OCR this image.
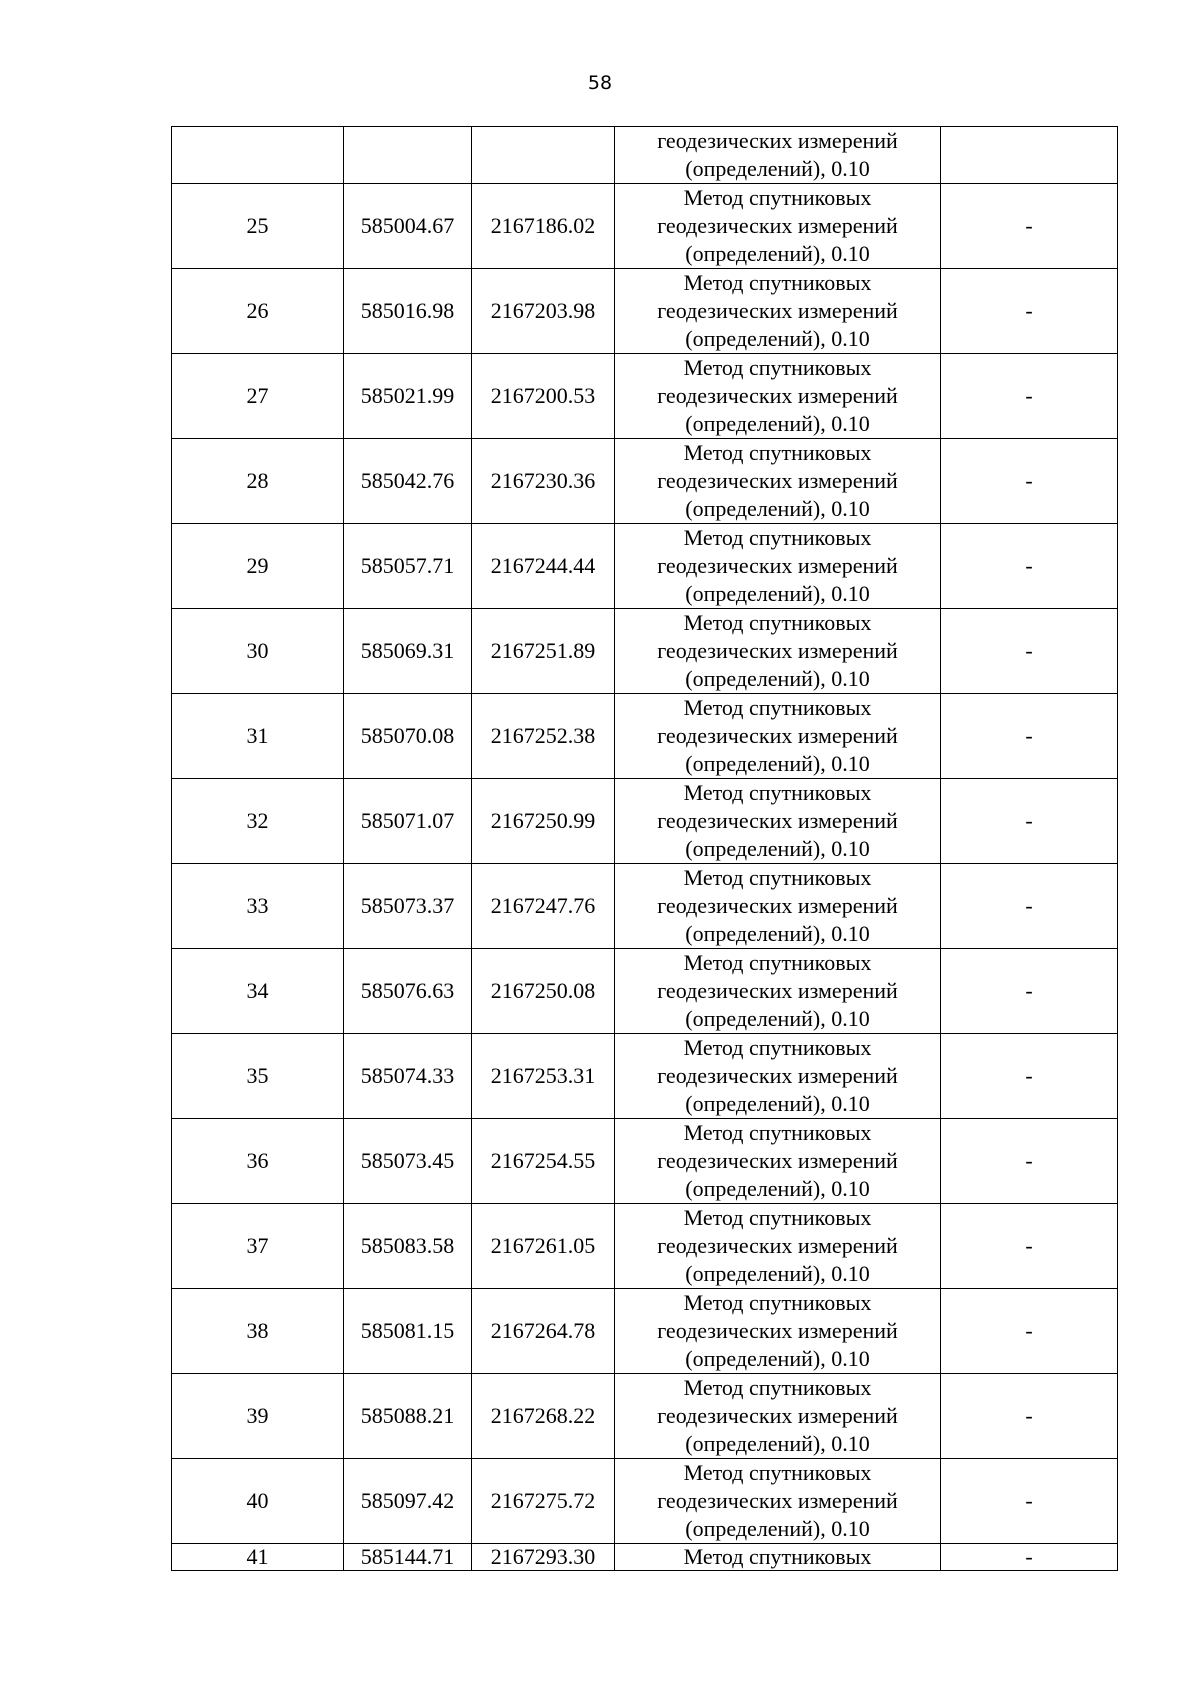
58

			геодезических измерений
(определений), 0.10	

25	585004.67	2167186.02	Метод спутниковых
геодезических измерений
(определений), 0.10	-
26	585016.98	2167203.98	Метод спутниковых
геодезических измерений
(определений), 0.10	-
27	585021.99	2167200.53	Метод спутниковых
геодезических измерений
(определений), 0.10	-
28	585042.76	2167230.36	Метод спутниковых
геодезических измерений
(определений), 0.10	-
29	585057.71	2167244.44	Метод спутниковых
геодезических измерений
(определений), 0.10	-
30	585069.31	2167251.89	Метод спутниковых
геодезических измерений
(определений), 0.10	-
31	585070.08	2167252.38	Метод спутниковых
геодезических измерений
(определений), 0.10	-
32	585071.07	2167250.99	Метод спутниковых
геодезических измерений
(определений), 0.10	-
33	585073.37	2167247.76	Метод спутниковых
геодезических измерений
(определений), 0.10	-
34	585076.63	2167250.08	Метод спутниковых
геодезических измерений
(определений), 0.10	-
35	585074.33	2167253.31	Метод спутниковых
геодезических измерений
(определений), 0.10	-
36	585073.45	2167254.55	Метод спутниковых
геодезических измерений
(определений), 0.10	-
37	585083.58	2167261.05	Метод спутниковых
геодезических измерений
(определений), 0.10	-
38	585081.15	2167264.78	Метод спутниковых
геодезических измерений
(определений), 0.10	-
39	585088.21	2167268.22	Метод спутниковых
геодезических измерений
(определений), 0.10	-
40	585097.42	2167275.72	Метод спутниковых
геодезических измерений
(определений), 0.10	-
41	585144.71	2167293.30	Метод спутниковых	-
